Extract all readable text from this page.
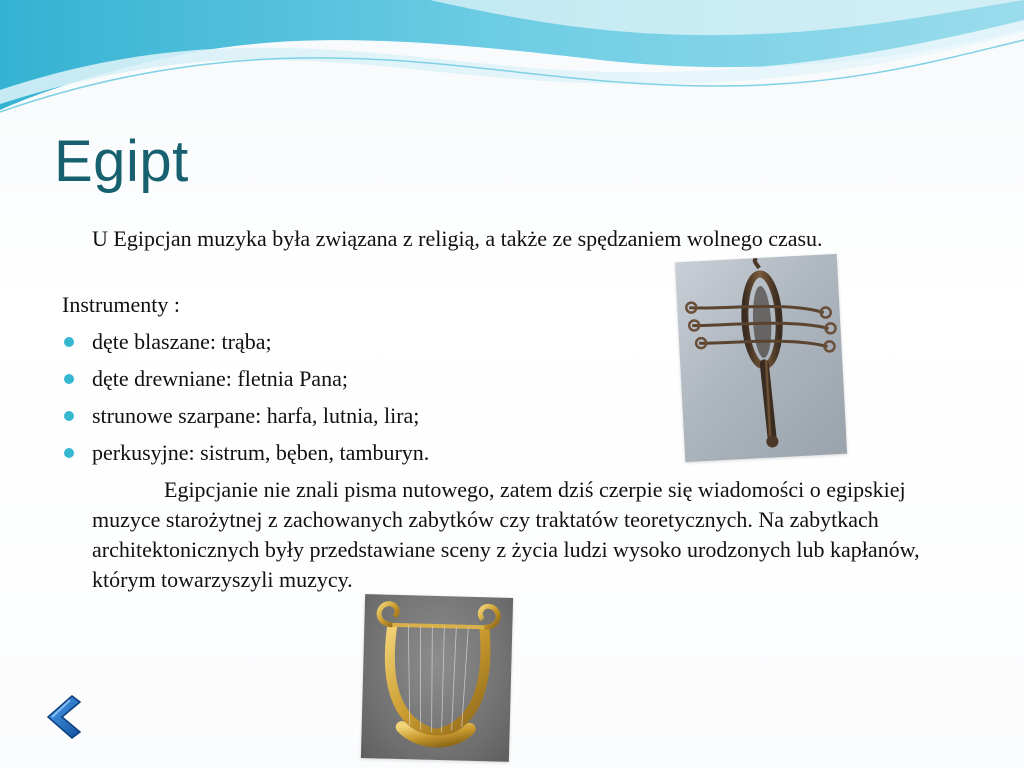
Egipt
U Egipcjan muzyka była związana z religią, a także ze spędzaniem wolnego czasu.
Instrumenty :
dęte blaszane: trąba;
dęte drewniane: fletnia Pana;
strunowe szarpane: harfa, lutnia, lira;
perkusyjne: sistrum, bęben, tamburyn.
Egipcjanie nie znali pisma nutowego, zatem dziś czerpie się wiadomości o egipskiej muzyce starożytnej z zachowanych zabytków czy traktatów teoretycznych. Na zabytkach architektonicznych były przedstawiane sceny z życia ludzi wysoko urodzonych lub kapłanów, którym towarzyszyli muzycy.
